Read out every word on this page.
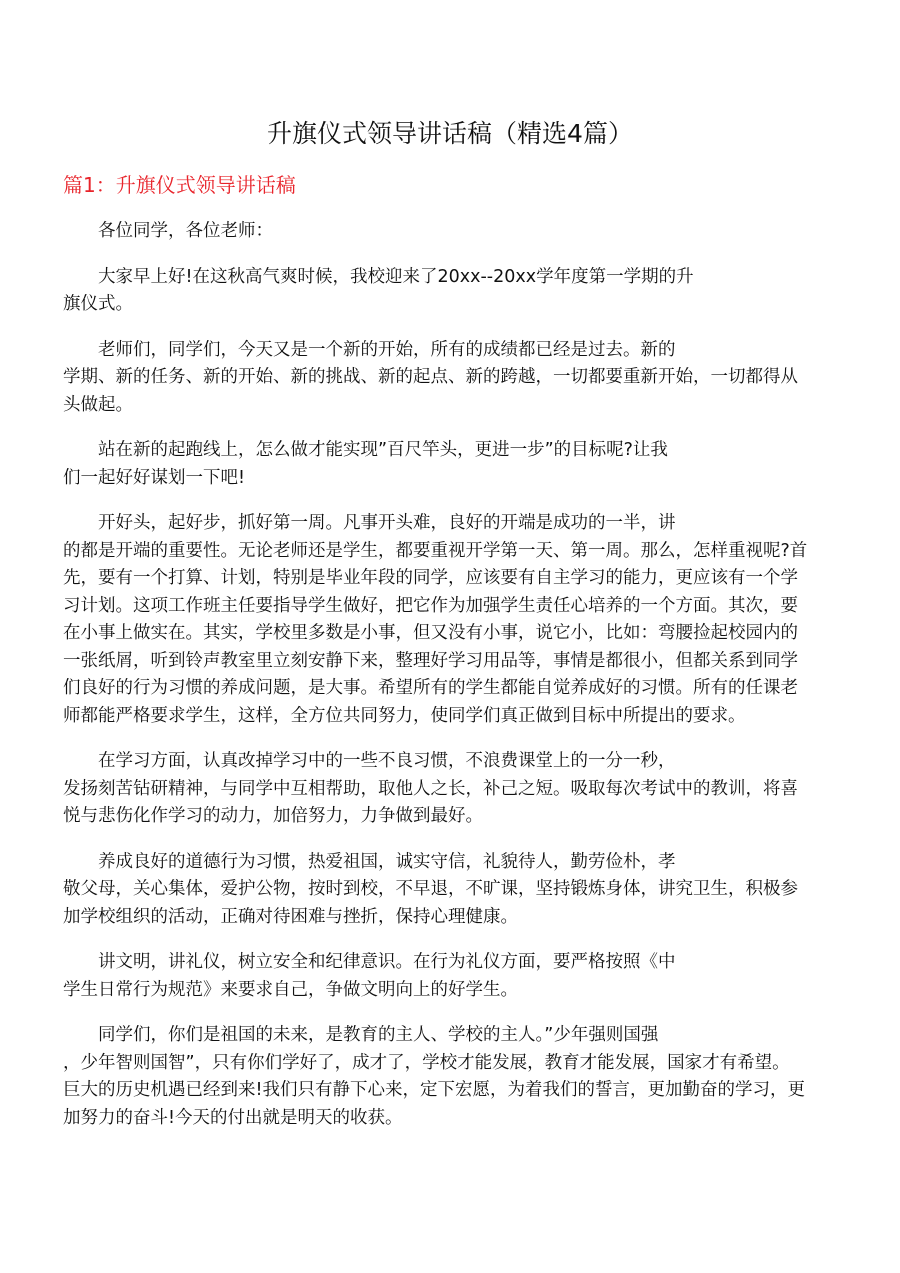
升旗仪式领导讲话稿（精选4篇）
篇1：升旗仪式领导讲话稿
各位同学，各位老师：
大家早上好!在这秋高气爽时候，我校迎来了20xx--20xx学年度第一学期的升
旗仪式。
老师们，同学们，今天又是一个新的开始，所有的成绩都已经是过去。新的
学期、新的任务、新的开始、新的挑战、新的起点、新的跨越，一切都要重新开始，一切都得从
头做起。
站在新的起跑线上，怎么做才能实现”百尺竿头，更进一步”的目标呢?让我
们一起好好谋划一下吧!
开好头，起好步，抓好第一周。凡事开头难，良好的开端是成功的一半，讲
的都是开端的重要性。无论老师还是学生，都要重视开学第一天、第一周。那么，怎样重视呢?首
先，要有一个打算、计划，特别是毕业年段的同学，应该要有自主学习的能力，更应该有一个学
习计划。这项工作班主任要指导学生做好，把它作为加强学生责任心培养的一个方面。其次，要
在小事上做实在。其实，学校里多数是小事，但又没有小事，说它小，比如：弯腰捡起校园内的
一张纸屑，听到铃声教室里立刻安静下来，整理好学习用品等，事情是都很小，但都关系到同学
们良好的行为习惯的养成问题，是大事。希望所有的学生都能自觉养成好的习惯。所有的任课老
师都能严格要求学生，这样，全方位共同努力，使同学们真正做到目标中所提出的要求。
在学习方面，认真改掉学习中的一些不良习惯，不浪费课堂上的一分一秒，
发扬刻苦钻研精神，与同学中互相帮助，取他人之长，补己之短。吸取每次考试中的教训，将喜
悦与悲伤化作学习的动力，加倍努力，力争做到最好。
养成良好的道德行为习惯，热爱祖国，诚实守信，礼貌待人，勤劳俭朴，孝
敬父母，关心集体，爱护公物，按时到校，不早退，不旷课，坚持锻炼身体，讲究卫生，积极参
加学校组织的活动，正确对待困难与挫折，保持心理健康。
讲文明，讲礼仪，树立安全和纪律意识。在行为礼仪方面，要严格按照《中
学生日常行为规范》来要求自己，争做文明向上的好学生。
同学们，你们是祖国的未来，是教育的主人、学校的主人。”少年强则国强
，少年智则国智”，只有你们学好了，成才了，学校才能发展，教育才能发展，国家才有希望。
巨大的历史机遇已经到来!我们只有静下心来，定下宏愿，为着我们的誓言，更加勤奋的学习，更
加努力的奋斗!今天的付出就是明天的收获。
